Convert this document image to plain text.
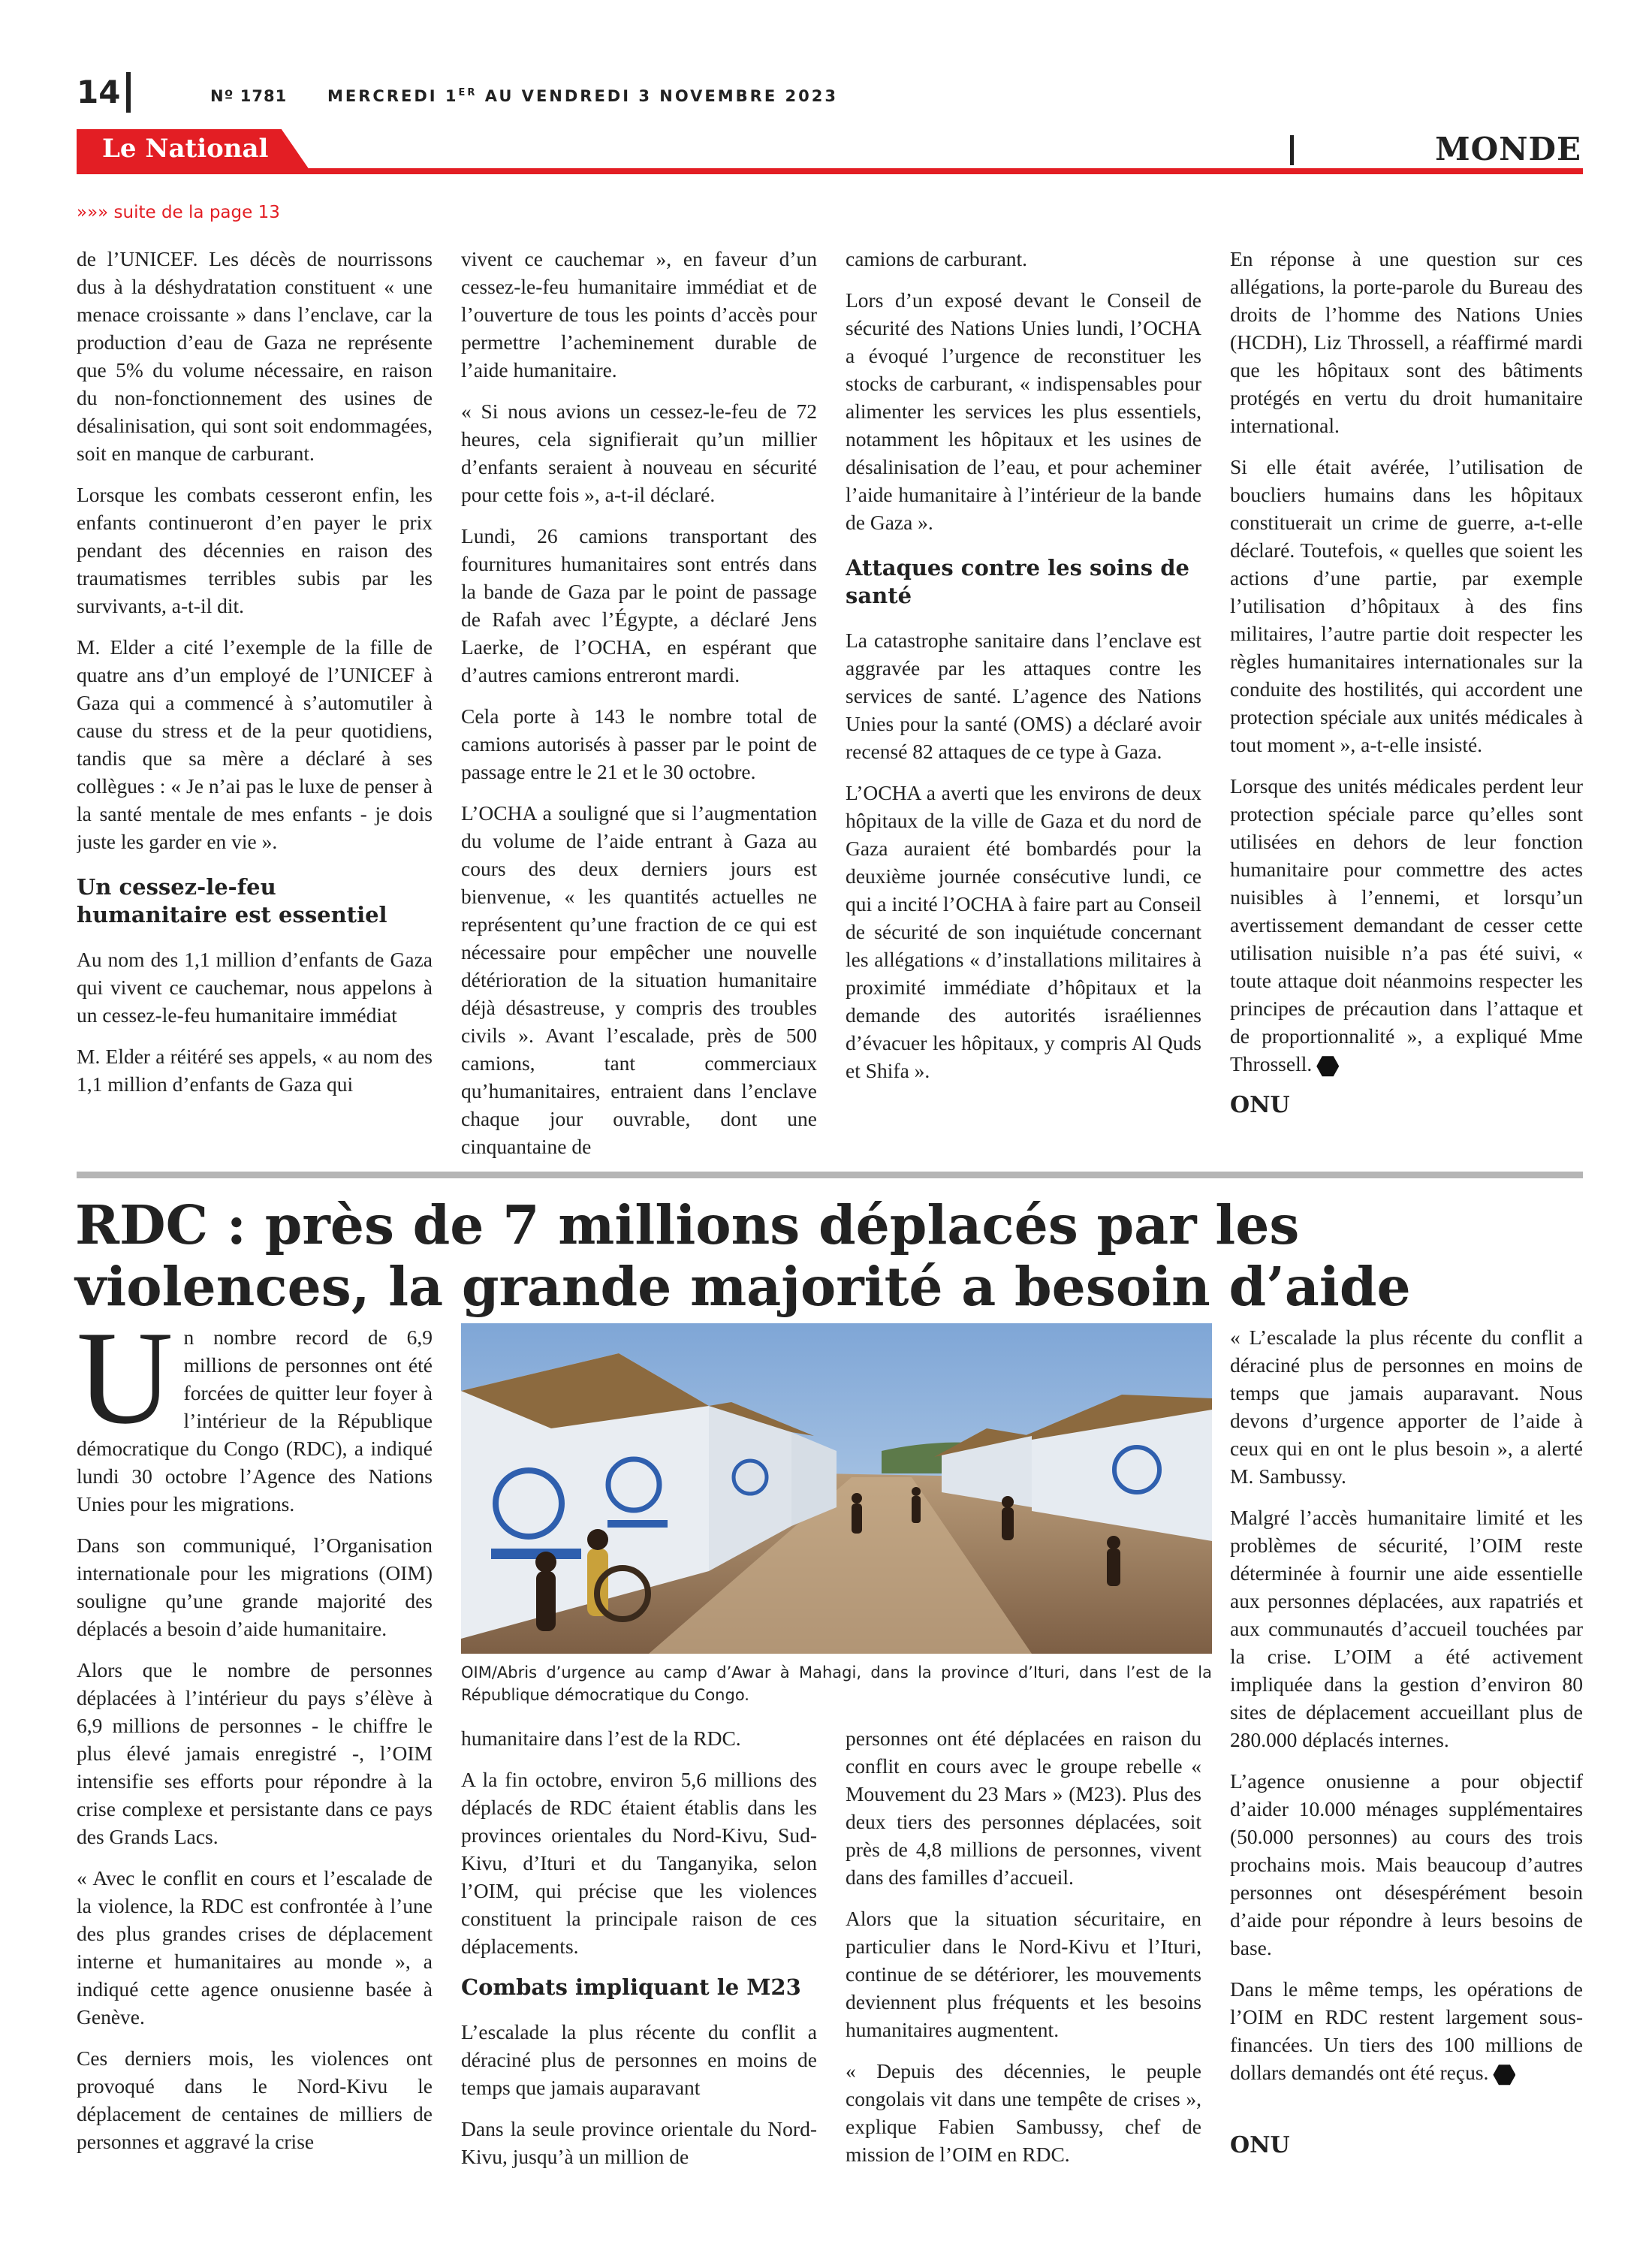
14	Nº 1781	MERCREDI 1ER AU VENDREDI 3 NOVEMBRE 2023
Le National	MONDE
»»» suite de la page 13

de l’UNICEF. Les décès de nourrissons dus à la déshydratation constituent « une menace croissante » dans l’enclave, car la production d’eau de Gaza ne représente que 5% du volume nécessaire, en raison du non-fonctionnement des usines de désalinisation, qui sont soit endommagées, soit en manque de carburant.

Lorsque les combats cesseront enfin, les enfants continueront d’en payer le prix pendant des décennies en raison des traumatismes terribles subis par les survivants, a-t-il dit.

M. Elder a cité l’exemple de la fille de quatre ans d’un employé de l’UNICEF à Gaza qui a commencé à s’automutiler à cause du stress et de la peur quotidiens, tandis que sa mère a déclaré à ses collègues : « Je n’ai pas le luxe de penser à la santé mentale de mes enfants - je dois juste les garder en vie ».

Un cessez-le-feu humanitaire est essentiel

Au nom des 1,1 million d’enfants de Gaza qui vivent ce cauchemar, nous appelons à un cessez-le-feu humanitaire immédiat

M. Elder a réitéré ses appels, « au nom des 1,1 million d’enfants de Gaza qui

vivent ce cauchemar », en faveur d’un cessez-le-feu humanitaire immédiat et de l’ouverture de tous les points d’accès pour permettre l’acheminement durable de l’aide humanitaire.

« Si nous avions un cessez-le-feu de 72 heures, cela signifierait qu’un millier d’enfants seraient à nouveau en sécurité pour cette fois », a-t-il déclaré.

Lundi, 26 camions transportant des fournitures humanitaires sont entrés dans la bande de Gaza par le point de passage de Rafah avec l’Égypte, a déclaré Jens Laerke, de l’OCHA, en espérant que d’autres camions entreront mardi.

Cela porte à 143 le nombre total de camions autorisés à passer par le point de passage entre le 21 et le 30 octobre.

L’OCHA a souligné que si l’augmentation du volume de l’aide entrant à Gaza au cours des deux derniers jours est bienvenue, « les quantités actuelles ne représentent qu’une fraction de ce qui est nécessaire pour empêcher une nouvelle détérioration de la situation humanitaire déjà désastreuse, y compris des troubles civils ». Avant l’escalade, près de 500 camions, tant commerciaux qu’humanitaires, entraient dans l’enclave chaque jour ouvrable, dont une cinquantaine de

camions de carburant.

Lors d’un exposé devant le Conseil de sécurité des Nations Unies lundi, l’OCHA a évoqué l’urgence de reconstituer les stocks de carburant, « indispensables pour alimenter les services les plus essentiels, notamment les hôpitaux et les usines de désalinisation de l’eau, et pour acheminer l’aide humanitaire à l’intérieur de la bande de Gaza ».

Attaques contre les soins de santé

La catastrophe sanitaire dans l’enclave est aggravée par les attaques contre les services de santé. L’agence des Nations Unies pour la santé (OMS) a déclaré avoir recensé 82 attaques de ce type à Gaza.

L’OCHA a averti que les environs de deux hôpitaux de la ville de Gaza et du nord de Gaza auraient été bombardés pour la deuxième journée consécutive lundi, ce qui a incité l’OCHA à faire part au Conseil de sécurité de son inquiétude concernant les allégations « d’installations militaires à proximité immédiate d’hôpitaux et la demande des autorités israéliennes d’évacuer les hôpitaux, y compris Al Quds et Shifa ».

En réponse à une question sur ces allégations, la porte-parole du Bureau des droits de l’homme des Nations Unies (HCDH), Liz Throssell, a réaffirmé mardi que les hôpitaux sont des bâtiments protégés en vertu du droit humanitaire international.

Si elle était avérée, l’utilisation de boucliers humains dans les hôpitaux constituerait un crime de guerre, a-t-elle déclaré. Toutefois, « quelles que soient les actions d’une partie, par exemple l’utilisation d’hôpitaux à des fins militaires, l’autre partie doit respecter les règles humanitaires internationales sur la conduite des hostilités, qui accordent une protection spéciale aux unités médicales à tout moment », a-t-elle insisté.

Lorsque des unités médicales perdent leur protection spéciale parce qu’elles sont utilisées en dehors de leur fonction humanitaire pour commettre des actes nuisibles à l’ennemi, et lorsqu’un avertissement demandant de cesser cette utilisation nuisible n’a pas été suivi, « toute attaque doit néanmoins respecter les principes de précaution dans l’attaque et de proportionnalité », a expliqué Mme Throssell.

ONU

RDC : près de 7 millions déplacés par les violences, la grande majorité a besoin d’aide

Un nombre record de 6,9 millions de personnes ont été forcées de quitter leur foyer à l’intérieur de la République démocratique du Congo (RDC), a indiqué lundi 30 octobre l’Agence des Nations Unies pour les migrations.

Dans son communiqué, l’Organisation internationale pour les migrations (OIM) souligne qu’une grande majorité des déplacés a besoin d’aide humanitaire.

Alors que le nombre de personnes déplacées à l’intérieur du pays s’élève à 6,9 millions de personnes - le chiffre le plus élevé jamais enregistré -, l’OIM intensifie ses efforts pour répondre à la crise complexe et persistante dans ce pays des Grands Lacs.

« Avec le conflit en cours et l’escalade de la violence, la RDC est confrontée à l’une des plus grandes crises de déplacement interne et humanitaires au monde », a indiqué cette agence onusienne basée à Genève.

Ces derniers mois, les violences ont provoqué dans le Nord-Kivu le déplacement de centaines de milliers de personnes et aggravé la crise

OIM/Abris d’urgence au camp d’Awar à Mahagi, dans la province d’Ituri, dans l’est de la République démocratique du Congo.

humanitaire dans l’est de la RDC.

A la fin octobre, environ 5,6 millions des déplacés de RDC étaient établis dans les provinces orientales du Nord-Kivu, Sud-Kivu, d’Ituri et du Tanganyika, selon l’OIM, qui précise que les violences constituent la principale raison de ces déplacements.

Combats impliquant le M23

L’escalade la plus récente du conflit a déraciné plus de personnes en moins de temps que jamais auparavant

Dans la seule province orientale du Nord-Kivu, jusqu’à un million de

personnes ont été déplacées en raison du conflit en cours avec le groupe rebelle « Mouvement du 23 Mars » (M23). Plus des deux tiers des personnes déplacées, soit près de 4,8 millions de personnes, vivent dans des familles d’accueil.

Alors que la situation sécuritaire, en particulier dans le Nord-Kivu et l’Ituri, continue de se détériorer, les mouvements deviennent plus fréquents et les besoins humanitaires augmentent.

« Depuis des décennies, le peuple congolais vit dans une tempête de crises », explique Fabien Sambussy, chef de mission de l’OIM en RDC.

« L’escalade la plus récente du conflit a déraciné plus de personnes en moins de temps que jamais auparavant. Nous devons d’urgence apporter de l’aide à ceux qui en ont le plus besoin », a alerté M. Sambussy.

Malgré l’accès humanitaire limité et les problèmes de sécurité, l’OIM reste déterminée à fournir une aide essentielle aux personnes déplacées, aux rapatriés et aux communautés d’accueil touchées par la crise. L’OIM a été activement impliquée dans la gestion d’environ 80 sites de déplacement accueillant plus de 280.000 déplacés internes.

L’agence onusienne a pour objectif d’aider 10.000 ménages supplémentaires (50.000 personnes) au cours des trois prochains mois. Mais beaucoup d’autres personnes ont désespérément besoin d’aide pour répondre à leurs besoins de base.

Dans le même temps, les opérations de l’OIM en RDC restent largement sous-financées. Un tiers des 100 millions de dollars demandés ont été reçus.

ONU
